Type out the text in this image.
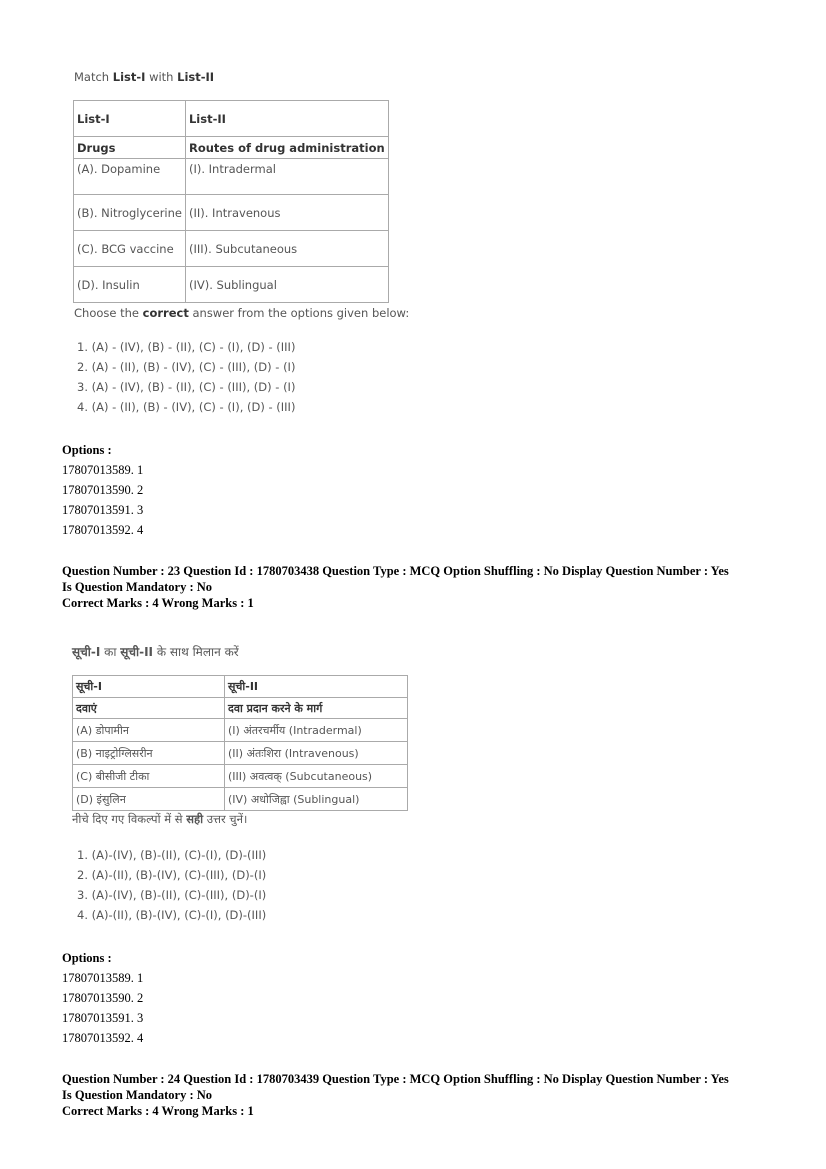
Match List-I with List-II
List-I	List-II
Drugs	Routes of drug administration
(A). Dopamine	(I). Intradermal
(B). Nitroglycerine	(II). Intravenous
(C). BCG vaccine	(III). Subcutaneous
(D). Insulin	(IV). Sublingual
Choose the correct answer from the options given below:
1. (A) - (IV), (B) - (II), (C) - (I), (D) - (III)
2. (A) - (II), (B) - (IV), (C) - (III), (D) - (I)
3. (A) - (IV), (B) - (II), (C) - (III), (D) - (I)
4. (A) - (II), (B) - (IV), (C) - (I), (D) - (III)
Options :
17807013589. 1
17807013590. 2
17807013591. 3
17807013592. 4
Question Number : 23 Question Id : 1780703438 Question Type : MCQ Option Shuffling : No Display Question Number : Yes
Is Question Mandatory : No
Correct Marks : 4 Wrong Marks : 1
सूची-I का सूची-II के साथ मिलान करें
सूची-I	सूची-II
दवाएं	दवा प्रदान करने के मार्ग
(A) डोपामीन	(I) अंतरचर्मीय (Intradermal)
(B) नाइट्रोग्लिसरीन	(II) अंतःशिरा (Intravenous)
(C) बीसीजी टीका	(III) अवत्वक् (Subcutaneous)
(D) इंसुलिन	(IV) अधोजिह्वा (Sublingual)
नीचे दिए गए विकल्पों में से सही उत्तर चुनें।
1. (A)-(IV), (B)-(II), (C)-(I), (D)-(III)
2. (A)-(II), (B)-(IV), (C)-(III), (D)-(I)
3. (A)-(IV), (B)-(II), (C)-(III), (D)-(I)
4. (A)-(II), (B)-(IV), (C)-(I), (D)-(III)
Options :
17807013589. 1
17807013590. 2
17807013591. 3
17807013592. 4
Question Number : 24 Question Id : 1780703439 Question Type : MCQ Option Shuffling : No Display Question Number : Yes
Is Question Mandatory : No
Correct Marks : 4 Wrong Marks : 1
